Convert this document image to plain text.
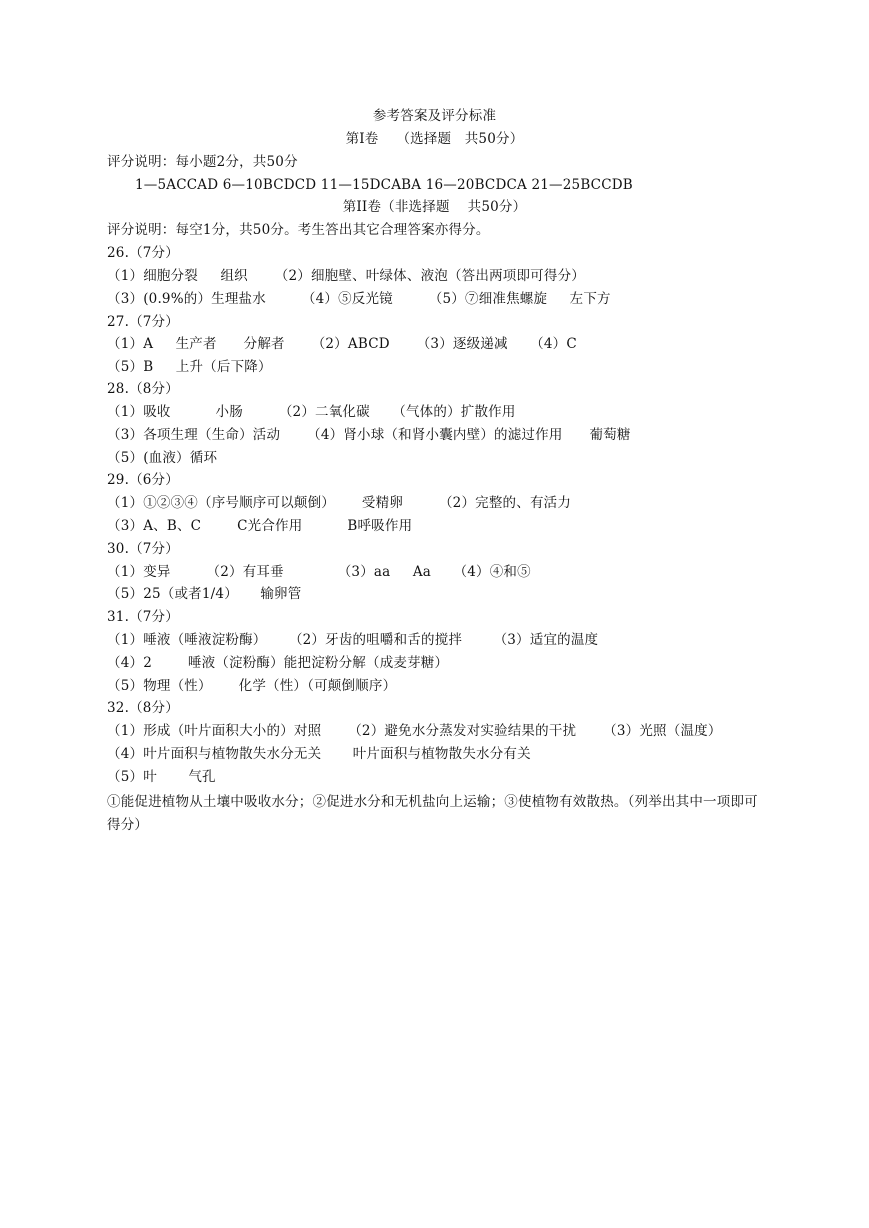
参考答案及评分标准
第Ⅰ卷    （选择题   共50分）
评分说明：每小题2分，共50分
1—5ACCAD 6—10BCDCD 11—15DCABA 16—20BCDCA 21—25BCCDB
第II卷（非选择题    共50分）
评分说明：每空1分，共50分。考生答出其它合理答案亦得分。
26.（7分）
（1）细胞分裂     组织      （2）细胞壁、叶绿体、液泡（答出两项即可得分）
（3）(0.9%的）生理盐水        （4）⑤反光镜        （5）⑦细准焦螺旋     左下方
27.（7分）
（1）A     生产者      分解者      （2）ABCD      （3）逐级递减     （4）C
（5）B     上升（后下降）
28.（8分）
（1）吸收          小肠        （2）二氧化碳     （气体的）扩散作用
（3）各项生理（生命）活动      （4）肾小球（和肾小囊内壁）的滤过作用      葡萄糖
（5）(血液）循环
29.（6分）
（1）①②③④（序号顺序可以颠倒）      受精卵        （2）完整的、有活力
（3）A、B、C        C光合作用          B呼吸作用
30.（7分）
（1）变异        （2）有耳垂            （3）aa     Aa     （4）④和⑤
（5）25（或者1/4）     输卵管
31.（7分）
（1）唾液（唾液淀粉酶）     （2）牙齿的咀嚼和舌的搅拌       （3）适宜的温度
（4）2        唾液（淀粉酶）能把淀粉分解（成麦芽糖）
（5）物理（性）      化学（性）（可颠倒顺序）
32.（8分）
（1）形成（叶片面积大小的）对照      （2）避免水分蒸发对实验结果的干扰      （3）光照（温度）
（4）叶片面积与植物散失水分无关       叶片面积与植物散失水分有关
（5）叶       气孔
①能促进植物从土壤中吸收水分；②促进水分和无机盐向上运输；③使植物有效散热。（列举出其中一项即可得分）
